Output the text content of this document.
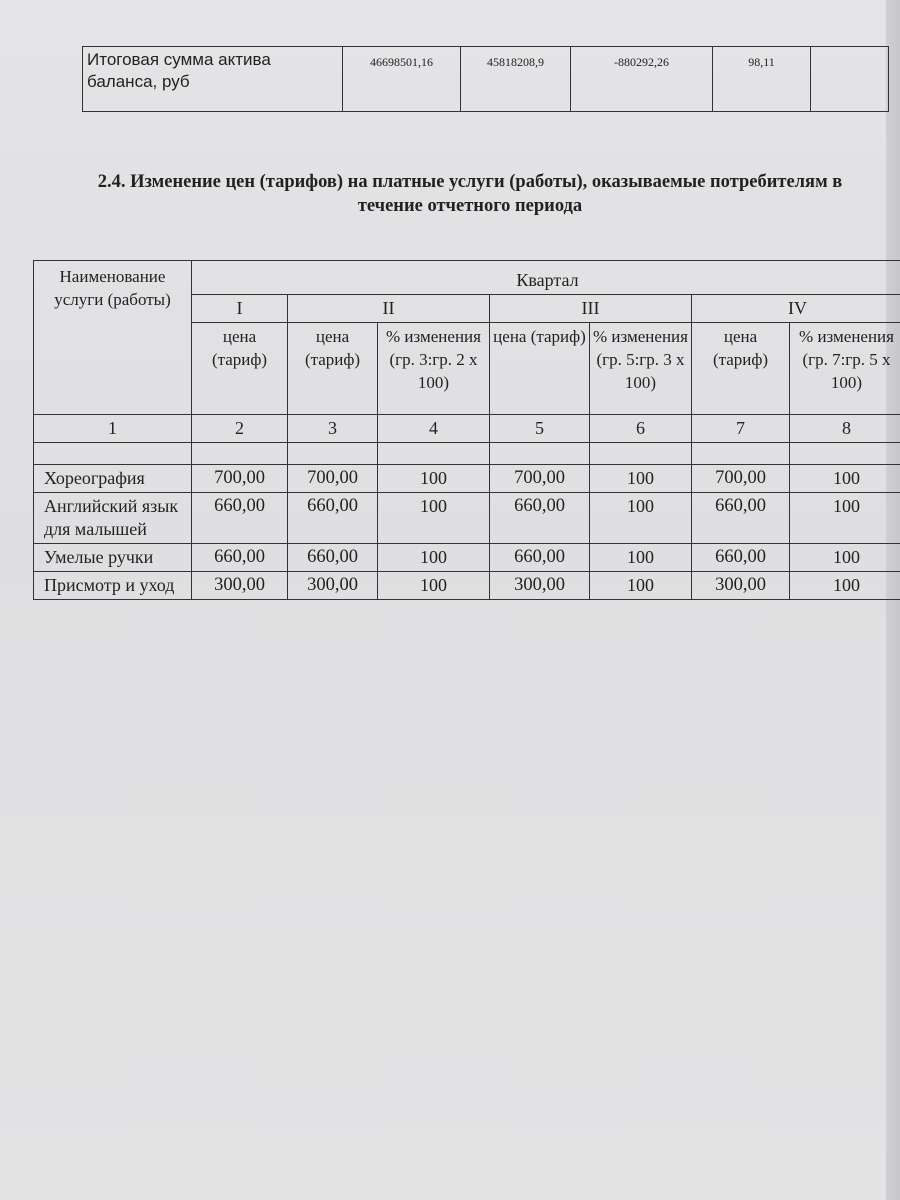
Итоговая сумма актива баланса, руб	46698501,16	45818208,9	-880292,26	98,11	
2.4. Изменение цен (тарифов) на платные услуги (работы), оказываемые потребителям в течение отчетного периода
Наименование услуги (работы)	Квартал						
	I	II		III		IV	
	цена (тариф)	цена (тариф)	% изменения (гр. 3:гр. 2 х 100)	цена (тариф)	% изменения (гр. 5:гр. 3 х 100)	цена (тариф)	% изменения (гр. 7:гр. 5 х 100)
1	2	3	4	5	6	7	8

Хореография	700,00	700,00	100	700,00	100	700,00	100
Английский язык для малышей	660,00	660,00	100	660,00	100	660,00	100
Умелые ручки	660,00	660,00	100	660,00	100	660,00	100
Присмотр и уход	300,00	300,00	100	300,00	100	300,00	100
